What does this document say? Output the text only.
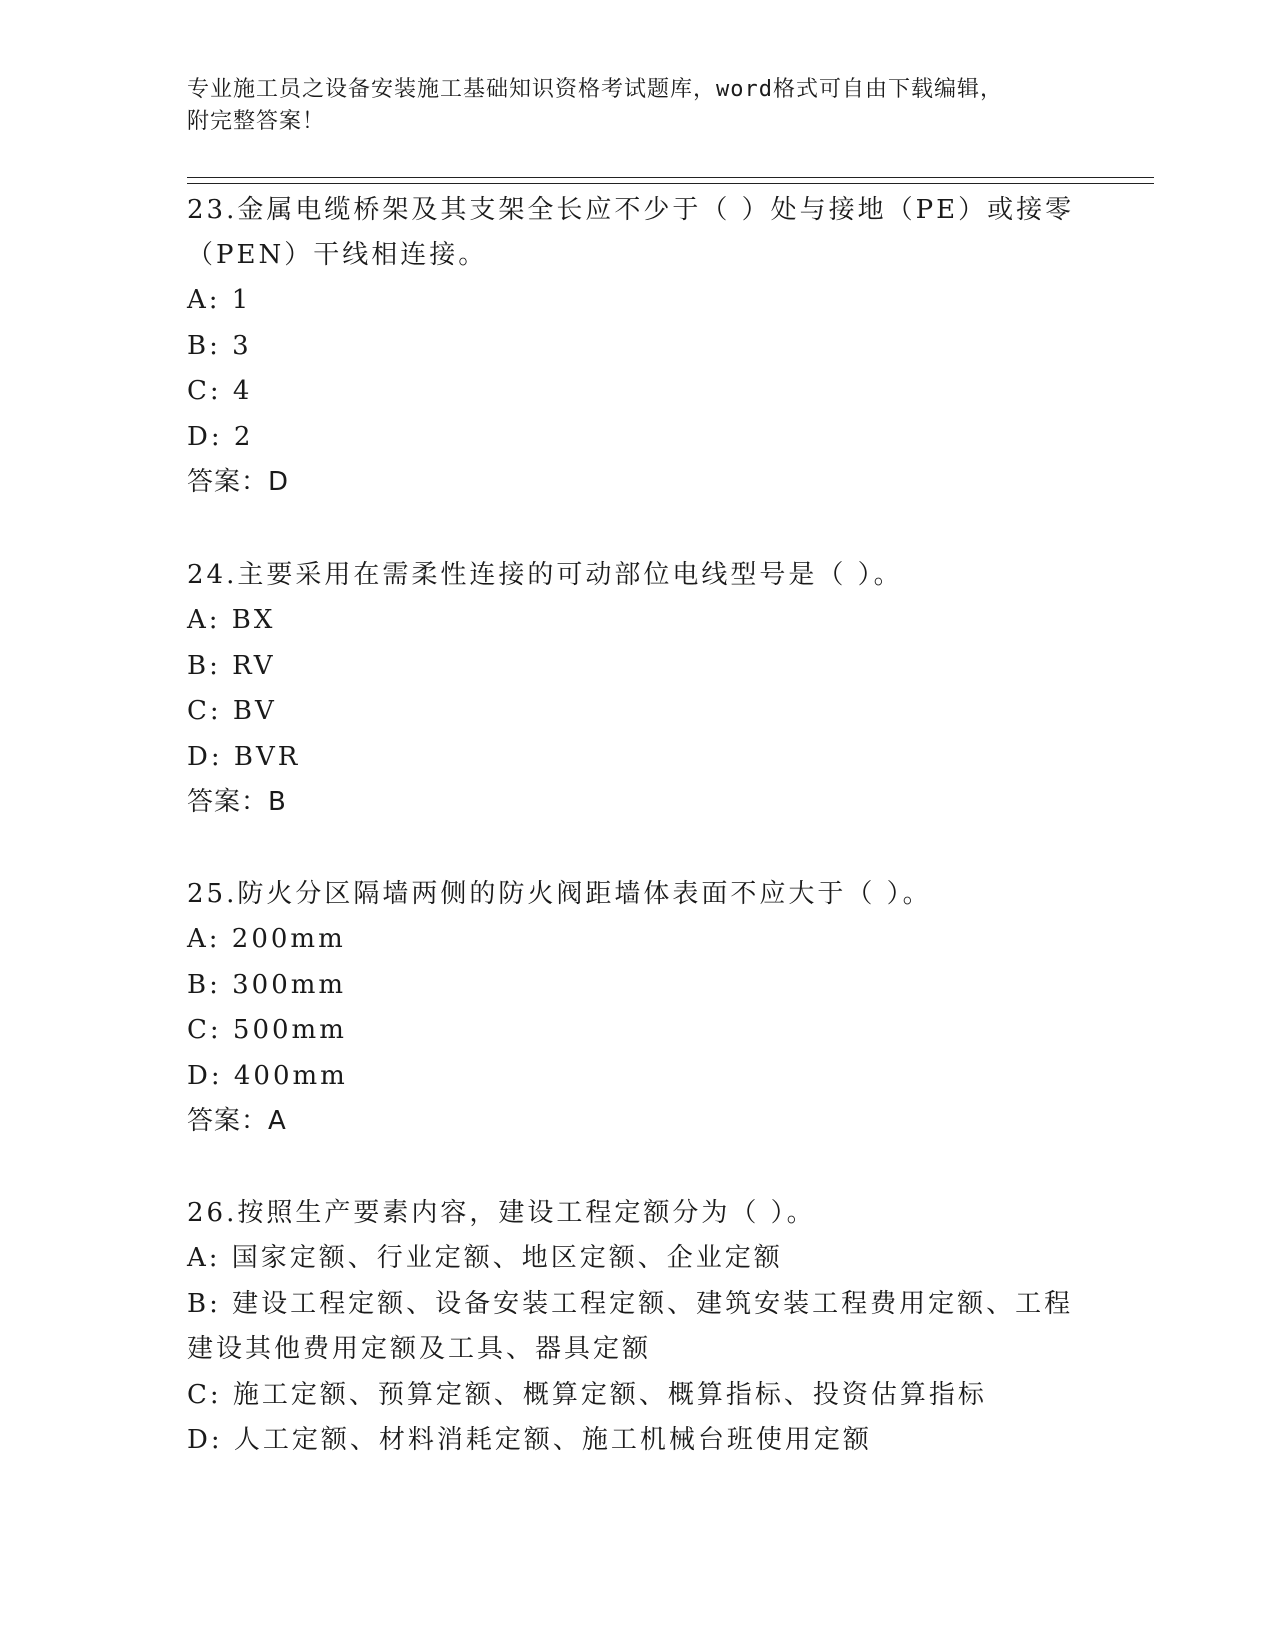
专业施工员之设备安装施工基础知识资格考试题库，word格式可自由下载编辑，
附完整答案！

23.金属电缆桥架及其支架全长应不少于（ ）处与接地（PE）或接零（PEN）干线相连接。

A: 1

B: 3

C: 4

D: 2

答案：D

24.主要采用在需柔性连接的可动部位电线型号是（ ）。

A: BX

B: RV

C: BV

D: BVR

答案：B

25.防火分区隔墙两侧的防火阀距墙体表面不应大于（ ）。

A: 200mm

B: 300mm

C: 500mm

D: 400mm

答案：A

26.按照生产要素内容，建设工程定额分为（ ）。

A: 国家定额、行业定额、地区定额、企业定额

B: 建设工程定额、设备安装工程定额、建筑安装工程费用定额、工程建设其他费用定额及工具、器具定额

C: 施工定额、预算定额、概算定额、概算指标、投资估算指标

D: 人工定额、材料消耗定额、施工机械台班使用定额
